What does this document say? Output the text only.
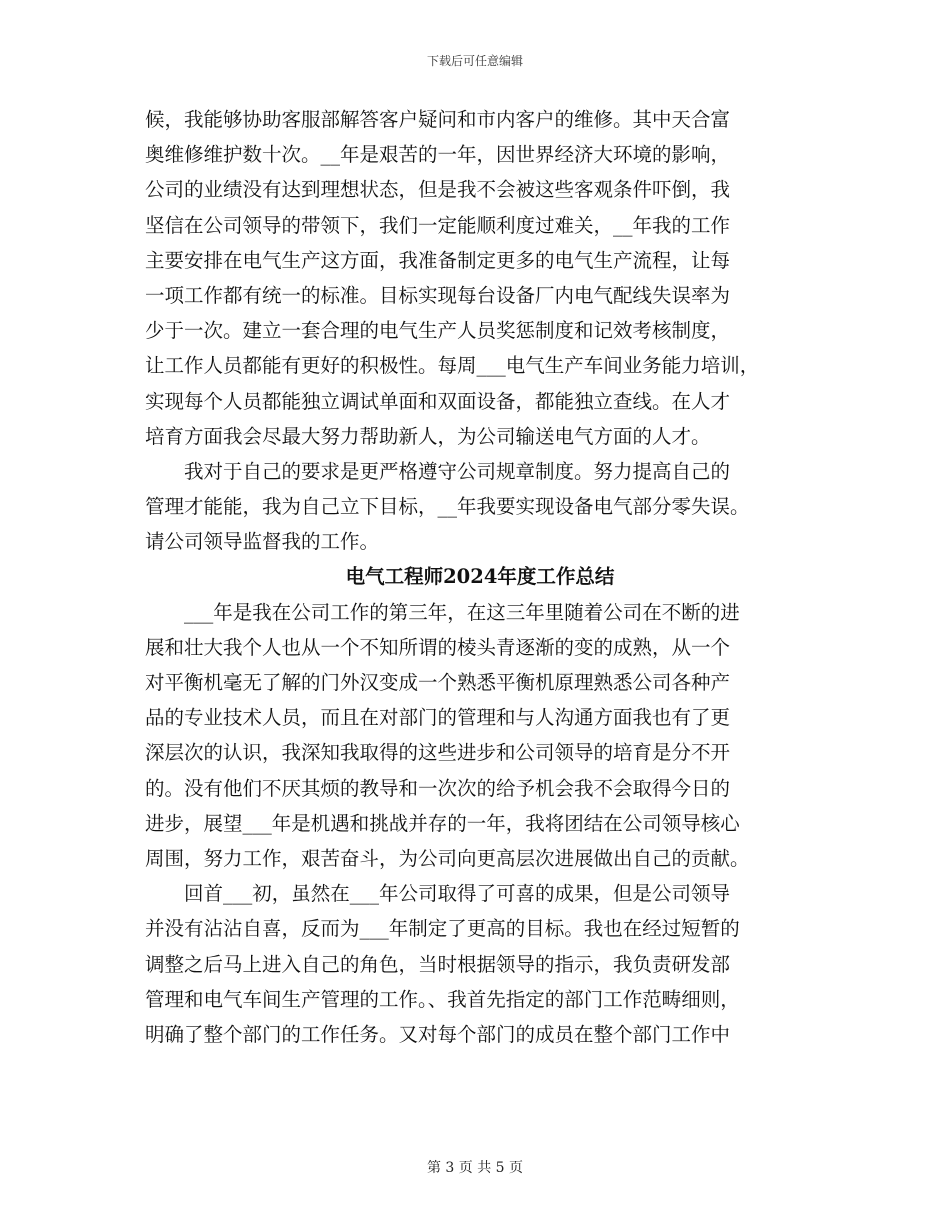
下载后可任意编辑
候，我能够协助客服部解答客户疑问和市内客户的维修。其中天合富
奥维修维护数十次。__年是艰苦的一年，因世界经济大环境的影响，
公司的业绩没有达到理想状态，但是我不会被这些客观条件吓倒，我
坚信在公司领导的带领下，我们一定能顺利度过难关，__年我的工作
主要安排在电气生产这方面，我准备制定更多的电气生产流程，让每
一项工作都有统一的标准。目标实现每台设备厂内电气配线失误率为
少于一次。建立一套合理的电气生产人员奖惩制度和记效考核制度，
让工作人员都能有更好的积极性。每周___电气生产车间业务能力培训，
实现每个人员都能独立调试单面和双面设备，都能独立查线。在人才
培育方面我会尽最大努力帮助新人，为公司输送电气方面的人才。
我对于自己的要求是更严格遵守公司规章制度。努力提高自己的
管理才能能，我为自己立下目标，__年我要实现设备电气部分零失误。
请公司领导监督我的工作。
电气工程师2024年度工作总结
___年是我在公司工作的第三年，在这三年里随着公司在不断的进
展和壮大我个人也从一个不知所谓的棱头青逐渐的变的成熟，从一个
对平衡机毫无了解的门外汉变成一个熟悉平衡机原理熟悉公司各种产
品的专业技术人员，而且在对部门的管理和与人沟通方面我也有了更
深层次的认识，我深知我取得的这些进步和公司领导的培育是分不开
的。没有他们不厌其烦的教导和一次次的给予机会我不会取得今日的
进步，展望___年是机遇和挑战并存的一年，我将团结在公司领导核心
周围，努力工作，艰苦奋斗，为公司向更高层次进展做出自己的贡献。
回首___初，虽然在___年公司取得了可喜的成果，但是公司领导
并没有沾沾自喜，反而为___年制定了更高的目标。我也在经过短暂的
调整之后马上进入自己的角色，当时根据领导的指示，我负责研发部
管理和电气车间生产管理的工作。、我首先指定的部门工作范畴细则，
明确了整个部门的工作任务。又对每个部门的成员在整个部门工作中
第 3 页 共 5 页
